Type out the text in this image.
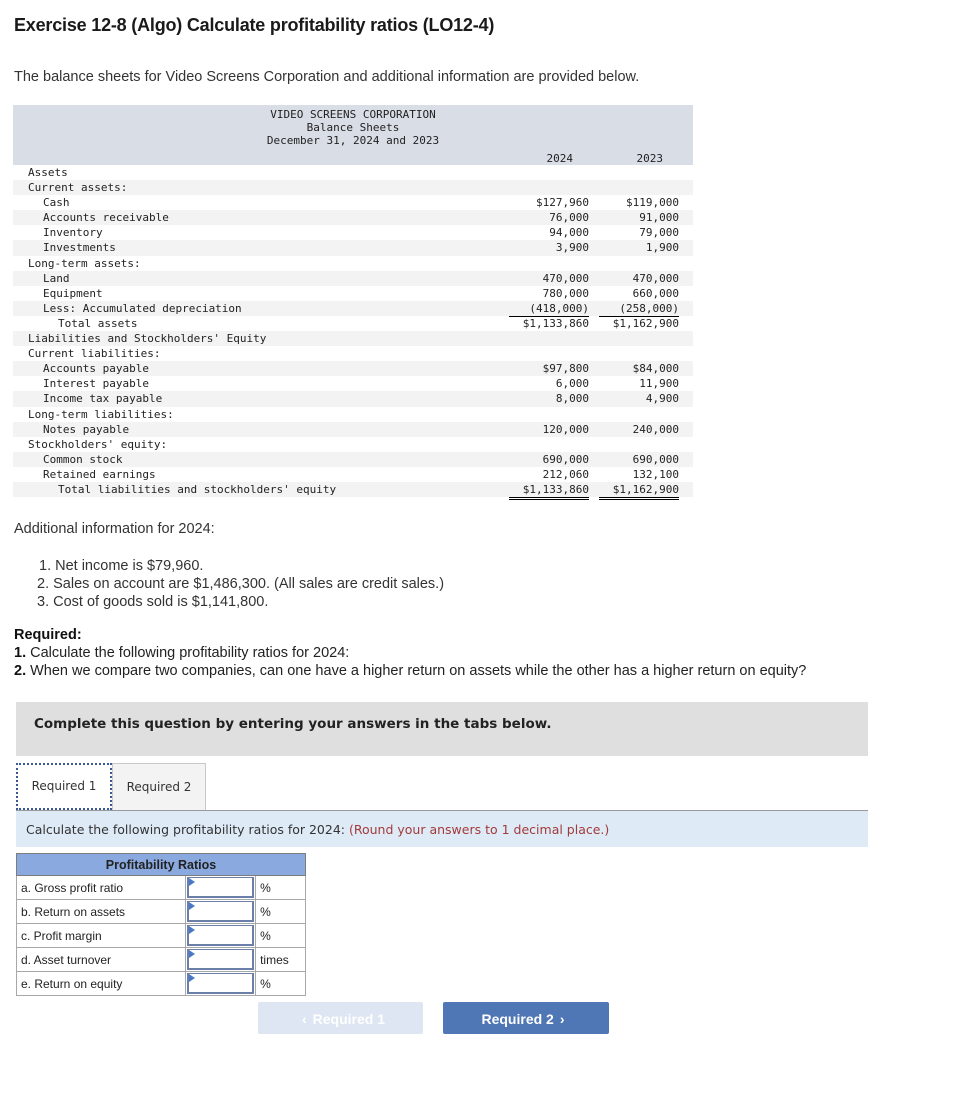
Exercise 12-8 (Algo) Calculate profitability ratios (LO12-4)
The balance sheets for Video Screens Corporation and additional information are provided below.
VIDEO SCREENS CORPORATION
Balance Sheets
December 31, 2024 and 2023
2024	2023
Assets
Current assets:
Cash	$127,960	$119,000
Accounts receivable	76,000	91,000
Inventory	94,000	79,000
Investments	3,900	1,900
Long-term assets:
Land	470,000	470,000
Equipment	780,000	660,000
Less: Accumulated depreciation	(418,000)	(258,000)
Total assets	$1,133,860	$1,162,900
Liabilities and Stockholders' Equity
Current liabilities:
Accounts payable	$97,800	$84,000
Interest payable	6,000	11,900
Income tax payable	8,000	4,900
Long-term liabilities:
Notes payable	120,000	240,000
Stockholders' equity:
Common stock	690,000	690,000
Retained earnings	212,060	132,100
Total liabilities and stockholders' equity	$1,133,860	$1,162,900
Additional information for 2024:
1. Net income is $79,960.
2. Sales on account are $1,486,300. (All sales are credit sales.)
3. Cost of goods sold is $1,141,800.
Required:
1. Calculate the following profitability ratios for 2024:
2. When we compare two companies, can one have a higher return on assets while the other has a higher return on equity?
Complete this question by entering your answers in the tabs below.
Required 1	Required 2
Calculate the following profitability ratios for 2024: (Round your answers to 1 decimal place.)
Profitability Ratios		
a. Gross profit ratio		%
b. Return on assets		%
c. Profit margin		%
d. Asset turnover		times
e. Return on equity		%
‹ Required 1	Required 2 ›
